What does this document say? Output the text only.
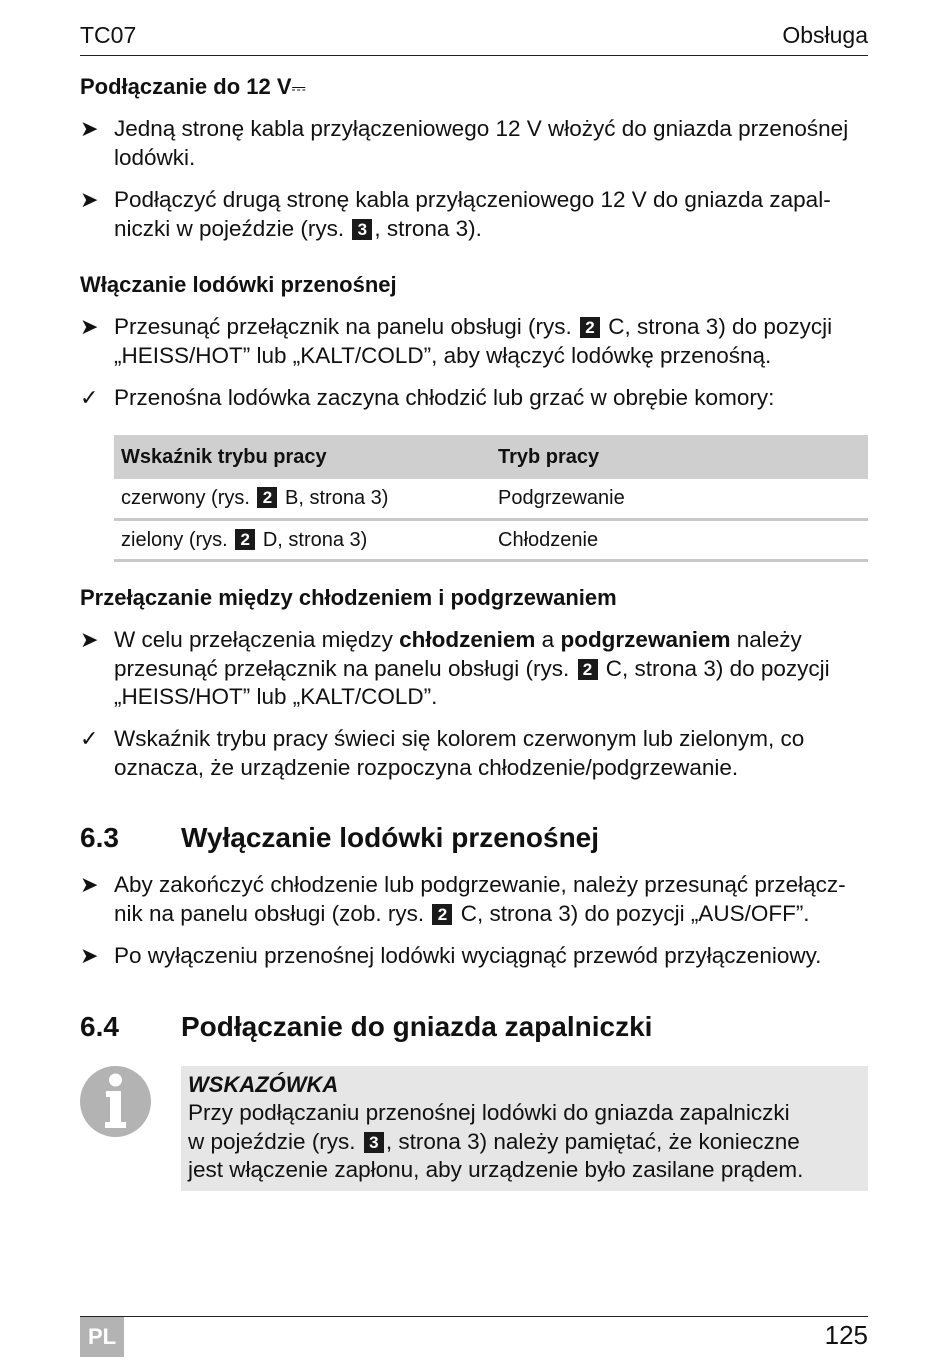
TC07	Obsługa
Podłączanie do 12 V⎓
➤ Jedną stronę kabla przyłączeniowego 12 V włożyć do gniazda przenośnej lodówki.
➤ Podłączyć drugą stronę kabla przyłączeniowego 12 V do gniazda zapal-
niczki w pojeździe (rys. 3 , strona 3).
Włączanie lodówki przenośnej
➤ Przesunąć przełącznik na panelu obsługi (rys. 2 C, strona 3) do pozycji
„HEISS/HOT” lub „KALT/COLD”, aby włączyć lodówkę przenośną.
✓ Przenośna lodówka zaczyna chłodzić lub grzać w obrębie komory:
Wskaźnik trybu pracy	Tryb pracy
czerwony (rys. 2 B, strona 3)	Podgrzewanie
zielony (rys. 2 D, strona 3)	Chłodzenie
Przełączanie między chłodzeniem i podgrzewaniem
➤ W celu przełączenia między chłodzeniem a podgrzewaniem należy
przesunąć przełącznik na panelu obsługi (rys. 2 C, strona 3) do pozycji
„HEISS/HOT” lub „KALT/COLD”.
✓ Wskaźnik trybu pracy świeci się kolorem czerwonym lub zielonym, co oznacza, że urządzenie rozpoczyna chłodzenie/podgrzewanie.
6.3 Wyłączanie lodówki przenośnej
➤ Aby zakończyć chłodzenie lub podgrzewanie, należy przesunąć przełącz-
nik na panelu obsługi (zob. rys. 2 C, strona 3) do pozycji „AUS/OFF”.
➤ Po wyłączeniu przenośnej lodówki wyciągnąć przewód przyłączeniowy.
6.4 Podłączanie do gniazda zapalniczki
WSKAZÓWKA
Przy podłączaniu przenośnej lodówki do gniazda zapalniczki
w pojeździe (rys. 3 , strona 3) należy pamiętać, że konieczne
jest włączenie zapłonu, aby urządzenie było zasilane prądem.
PL	125
